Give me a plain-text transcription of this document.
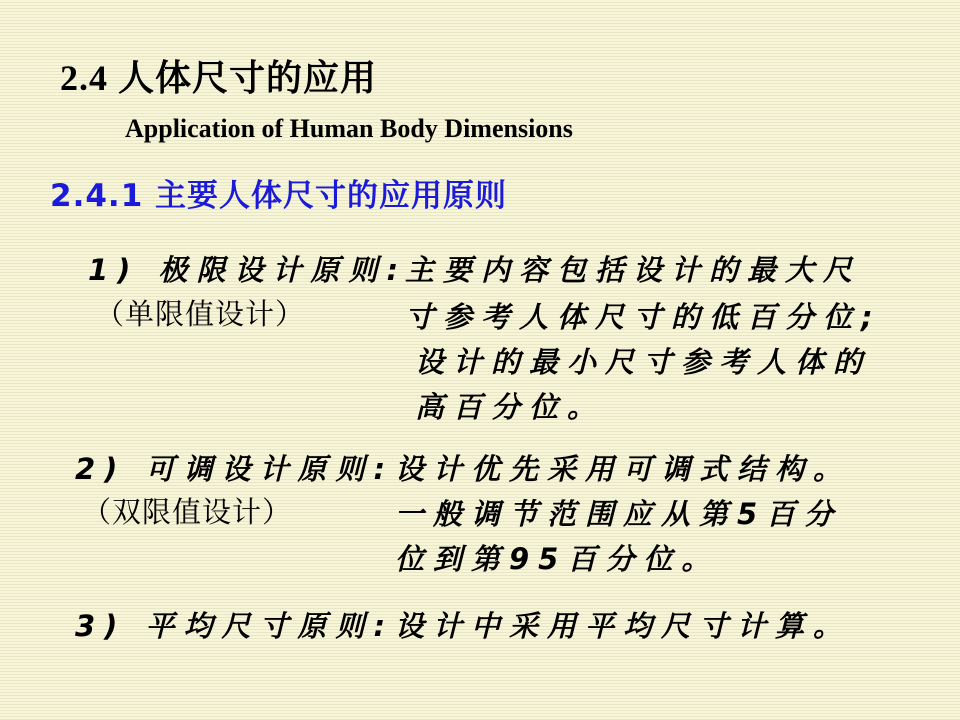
2.4 人体尺寸的应用
Application of Human Body Dimensions
2.4.1 主要人体尺寸的应用原则
1) 极限设计原则:
（单限值设计）
主要内容包括设计的最大尺
寸参考人体尺寸的低百分位;
设计的最小尺寸参考人体的
高百分位。
2) 可调设计原则:
（双限值设计）
设计优先采用可调式结构。
一般调节范围应从第5百分
位到第95百分位。
3) 平均尺寸原则: 设计中采用平均尺寸计算。
